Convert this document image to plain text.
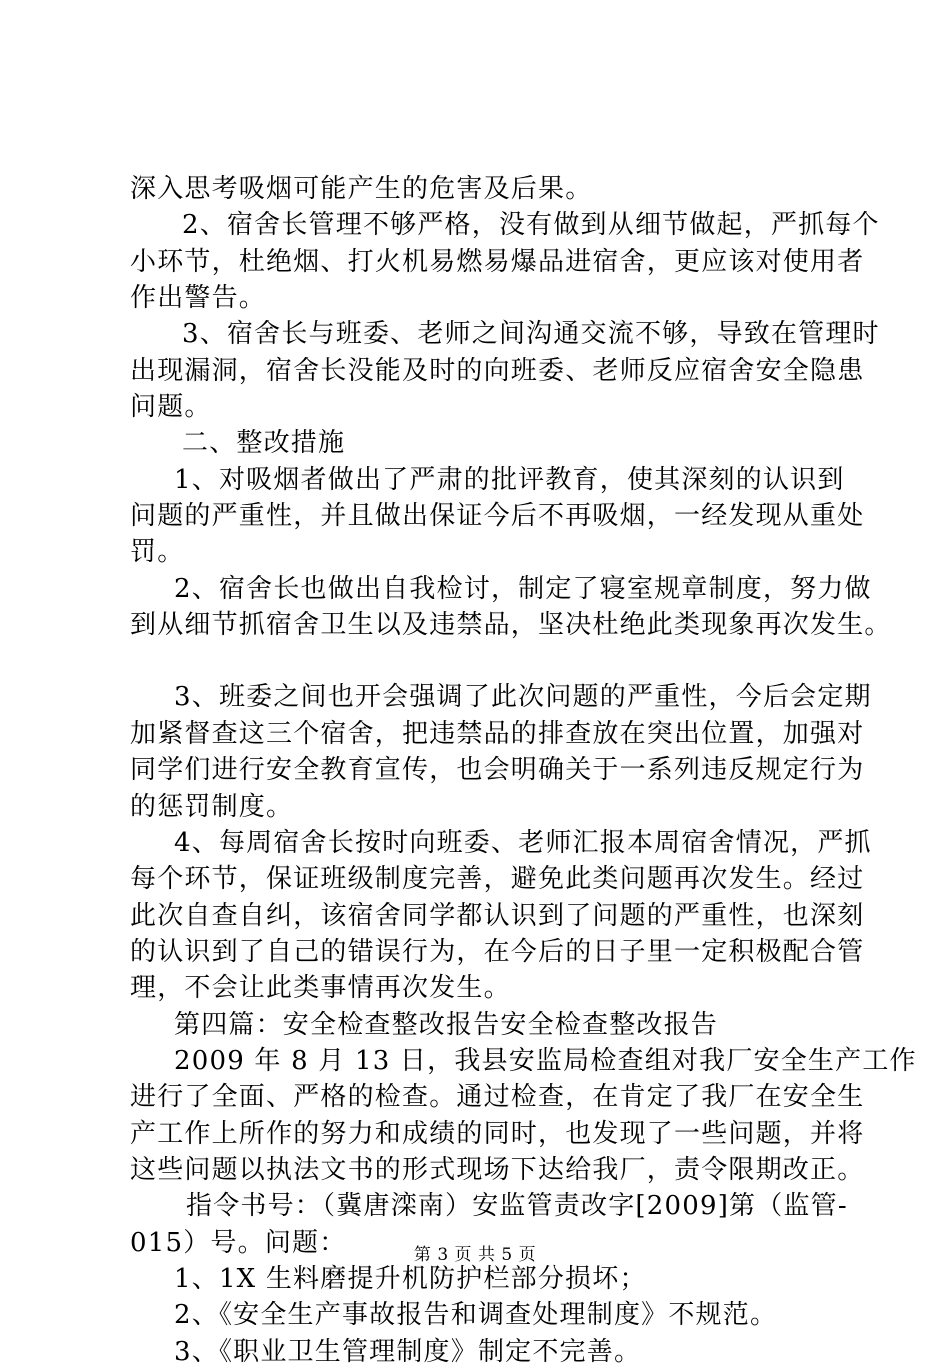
深入思考吸烟可能产生的危害及后果。
2、宿舍长管理不够严格，没有做到从细节做起，严抓每个
小环节，杜绝烟、打火机易燃易爆品进宿舍，更应该对使用者
作出警告。
3、宿舍长与班委、老师之间沟通交流不够，导致在管理时
出现漏洞，宿舍长没能及时的向班委、老师反应宿舍安全隐患
问题。
二、整改措施
1、对吸烟者做出了严肃的批评教育，使其深刻的认识到
问题的严重性，并且做出保证今后不再吸烟，一经发现从重处
罚。
2、宿舍长也做出自我检讨，制定了寝室规章制度，努力做
到从细节抓宿舍卫生以及违禁品，坚决杜绝此类现象再次发生。
3、班委之间也开会强调了此次问题的严重性，今后会定期
加紧督查这三个宿舍，把违禁品的排查放在突出位置，加强对
同学们进行安全教育宣传，也会明确关于一系列违反规定行为
的惩罚制度。
4、每周宿舍长按时向班委、老师汇报本周宿舍情况，严抓
每个环节，保证班级制度完善，避免此类问题再次发生。经过
此次自查自纠，该宿舍同学都认识到了问题的严重性，也深刻
的认识到了自己的错误行为，在今后的日子里一定积极配合管
理，不会让此类事情再次发生。
第四篇：安全检查整改报告安全检查整改报告
2009 年 8 月 13 日，我县安监局检查组对我厂安全生产工作
进行了全面、严格的检查。通过检查，在肯定了我厂在安全生
产工作上所作的努力和成绩的同时，也发现了一些问题，并将
这些问题以执法文书的形式现场下达给我厂，责令限期改正。
指令书号：（冀唐滦南）安监管责改字[2009]第（监管-
015）号。问题：
1、1X 生料磨提升机防护栏部分损坏；
2、《安全生产事故报告和调查处理制度》不规范。
3、《职业卫生管理制度》制定不完善。
第 3 页 共 5 页
